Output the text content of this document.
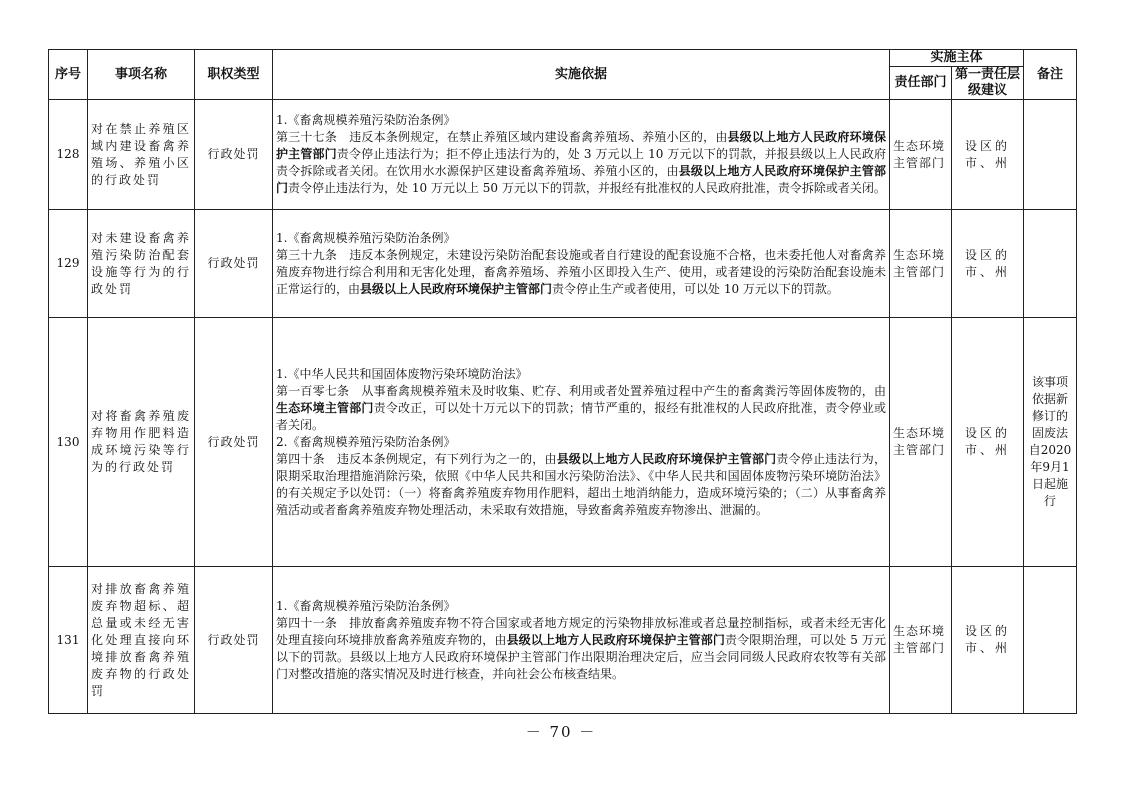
序号	事项名称	职权类型	实施依据	实施主体		备注
				责任部门	第一责任层级建议	
128	对在禁止养殖区域内建设畜禽养殖场、养殖小区的行政处罚	行政处罚	1.《畜禽规模养殖污染防治条例》
第三十七条　违反本条例规定，在禁止养殖区域内建设畜禽养殖场、养殖小区的，由县级以上地方人民政府环境保护主管部门责令停止违法行为；拒不停止违法行为的，处 3 万元以上 10 万元以下的罚款，并报县级以上人民政府责令拆除或者关闭。在饮用水水源保护区建设畜禽养殖场、养殖小区的，由县级以上地方人民政府环境保护主管部门责令停止违法行为，处 10 万元以上 50 万元以下的罚款，并报经有批准权的人民政府批准，责令拆除或者关闭。	生态环境主管部门	设区的市、州	
129	对未建设畜禽养殖污染防治配套设施等行为的行政处罚	行政处罚	1.《畜禽规模养殖污染防治条例》
第三十九条　违反本条例规定，未建设污染防治配套设施或者自行建设的配套设施不合格，也未委托他人对畜禽养殖废弃物进行综合利用和无害化处理，畜禽养殖场、养殖小区即投入生产、使用，或者建设的污染防治配套设施未正常运行的，由县级以上人民政府环境保护主管部门责令停止生产或者使用，可以处 10 万元以下的罚款。	生态环境主管部门	设区的市、州	
130	对将畜禽养殖废弃物用作肥料造成环境污染等行为的行政处罚	行政处罚	1.《中华人民共和国固体废物污染环境防治法》
第一百零七条　从事畜禽规模养殖未及时收集、贮存、利用或者处置养殖过程中产生的畜禽粪污等固体废物的，由生态环境主管部门责令改正，可以处十万元以下的罚款；情节严重的，报经有批准权的人民政府批准，责令停业或者关闭。
2.《畜禽规模养殖污染防治条例》
第四十条　违反本条例规定，有下列行为之一的，由县级以上地方人民政府环境保护主管部门责令停止违法行为，限期采取治理措施消除污染，依照《中华人民共和国水污染防治法》、《中华人民共和国固体废物污染环境防治法》的有关规定予以处罚：（一）将畜禽养殖废弃物用作肥料，超出土地消纳能力，造成环境污染的；（二）从事畜禽养殖活动或者畜禽养殖废弃物处理活动，未采取有效措施，导致畜禽养殖废弃物渗出、泄漏的。	生态环境主管部门	设区的市、州	该事项依据新修订的固废法自2020年9月1日起施行
131	对排放畜禽养殖废弃物超标、超总量或未经无害化处理直接向环境排放畜禽养殖废弃物的行政处罚	行政处罚	1.《畜禽规模养殖污染防治条例》
第四十一条　排放畜禽养殖废弃物不符合国家或者地方规定的污染物排放标准或者总量控制指标，或者未经无害化处理直接向环境排放畜禽养殖废弃物的，由县级以上地方人民政府环境保护主管部门责令限期治理，可以处 5 万元以下的罚款。县级以上地方人民政府环境保护主管部门作出限期治理决定后，应当会同同级人民政府农牧等有关部门对整改措施的落实情况及时进行核查，并向社会公布核查结果。	生态环境主管部门	设区的市、州	
－ 70 －
